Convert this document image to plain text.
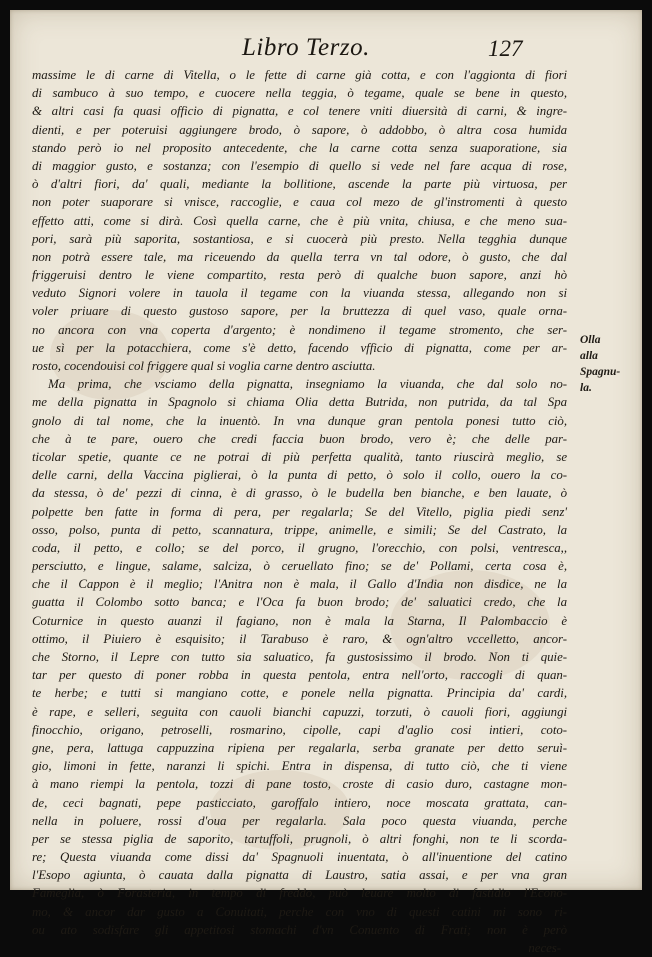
Libro Terzo.	127
massime le di carne di Vitella, o le fette di carne già cotta, e con l'aggionta di fiori
di sambuco à suo tempo, e cuocere nella teggia, ò tegame, quale se bene in questo,
& altri casi fa quasi officio di pignatta, e col tenere vniti diuersità di carni, & ingre-
dienti, e per poteruisi aggiungere brodo, ò sapore, ò addobbo, ò altra cosa humida
stando però io nel proposito antecedente, che la carne cotta senza suaporatione, sia
di maggior gusto, e sostanza; con l'esempio di quello si vede nel fare acqua di rose,
ò d'altri fiori, da' quali, mediante la bollitione, ascende la parte più virtuosa, per
non poter suaporare si vnisce, raccoglie, e caua col mezo de gl'instromenti à questo
effetto atti, come si dirà. Così quella carne, che è più vnita, chiusa, e che meno sua-
pori, sarà più saporita, sostantiosa, e si cuocerà più presto. Nella tegghia dunque
non potrà essere tale, ma riceuendo da quella terra vn tal odore, ò gusto, che dal
friggeruisi dentro le viene compartito, resta però di qualche buon sapore, anzi hò
veduto Signori volere in tauola il tegame con la viuanda stessa, allegando non si
voler priuare di questo gustoso sapore, per la bruttezza di quel vaso, quale orna-
no ancora con vna coperta d'argento; è nondimeno il tegame stromento, che ser-
ue sì per la potacchiera, come s'è detto, facendo vfficio di pignatta, come per ar-
rosto, cocendouisi col friggere qual si voglia carne dentro asciutta.
Ma prima, che vsciamo della pignatta, insegniamo la viuanda, che dal solo no-
me della pignatta in Spagnolo si chiama Olia detta Butrida, non putrida, da tal Spa
gnolo di tal nome, che la inuentò. In vna dunque gran pentola ponesi tutto ciò,
che à te pare, ouero che credi faccia buon brodo, vero è; che delle par-
ticolar spetie, quante ce ne potrai di più perfetta qualità, tanto riuscirà meglio, se
delle carni, della Vaccina piglierai, ò la punta di petto, ò solo il collo, ouero la co-
da stessa, ò de' pezzi di cinna, è di grasso, ò le budella ben bianche, e ben lauate, ò
polpette ben fatte in forma di pera, per regalarla; Se del Vitello, piglia piedi senz'
osso, polso, punta di petto, scannatura, trippe, animelle, e simili; Se del Castrato, la
coda, il petto, e collo; se del porco, il grugno, l'orecchio, con polsi, ventresca,,
persciutto, e lingue, salame, salciza, ò ceruellato fino; se de' Pollami, certa cosa è,
che il Cappon è il meglio; l'Anitra non è mala, il Gallo d'India non disdice, ne la
guatta il Colombo sotto banca; e l'Oca fa buon brodo; de' saluatici credo, che la
Coturnice in questo auanzi il fagiano, non è mala la Starna, Il Palombaccio è
ottimo, il Piuiero è esquisito; il Tarabuso è raro, & ogn'altro vccelletto, ancor-
che Storno, il Lepre con tutto sia saluatico, fa gustosissimo il brodo. Non ti quie-
tar per questo di poner robba in questa pentola, entra nell'orto, raccogli di quan-
te herbe; e tutti si mangiano cotte, e ponele nella pignatta. Principia da' cardi,
è rape, e selleri, seguita con cauoli bianchi capuzzi, torzuti, ò cauoli fiori, aggiungi
finocchio, origano, petroselli, rosmarino, cipolle, capi d'aglio cosi intieri, coto-
gne, pera, lattuga cappuzzina ripiena per regalarla, serba granate per detto seruì-
gio, limoni in fette, naranzi li spichi. Entra in dispensa, di tutto ciò, che ti viene
à mano riempi la pentola, tozzi di pane tosto, croste di casio duro, castagne mon-
de, ceci bagnati, pepe pasticciato, garoffalo intiero, noce moscata grattata, can-
nella in poluere, rossi d'oua per regalarla. Sala poco questa viuanda, perche
per se stessa piglia de saporito, tartuffoli, prugnoli, ò altri fonghi, non te li scorda-
re; Questa viuanda come dissi da' Spagnuoli inuentata, ò all'inuentione del catino
l'Esopo agiunta, ò cauata dalla pignatta di Laustro, satia assai, e per vna gran
Fameglia, ò Forasteria, in tempo di freddo, può leuare molto di fastidio l'Econo-
mo, & ancor dar gusto a Conuitati, perche con vno di questi catini mi sono ri-
ou ato sodisfare gli appetitosi stomachi d'vn Conuento di Frati; non è però
neces-
Olla
alla
Spagnu-
la.
